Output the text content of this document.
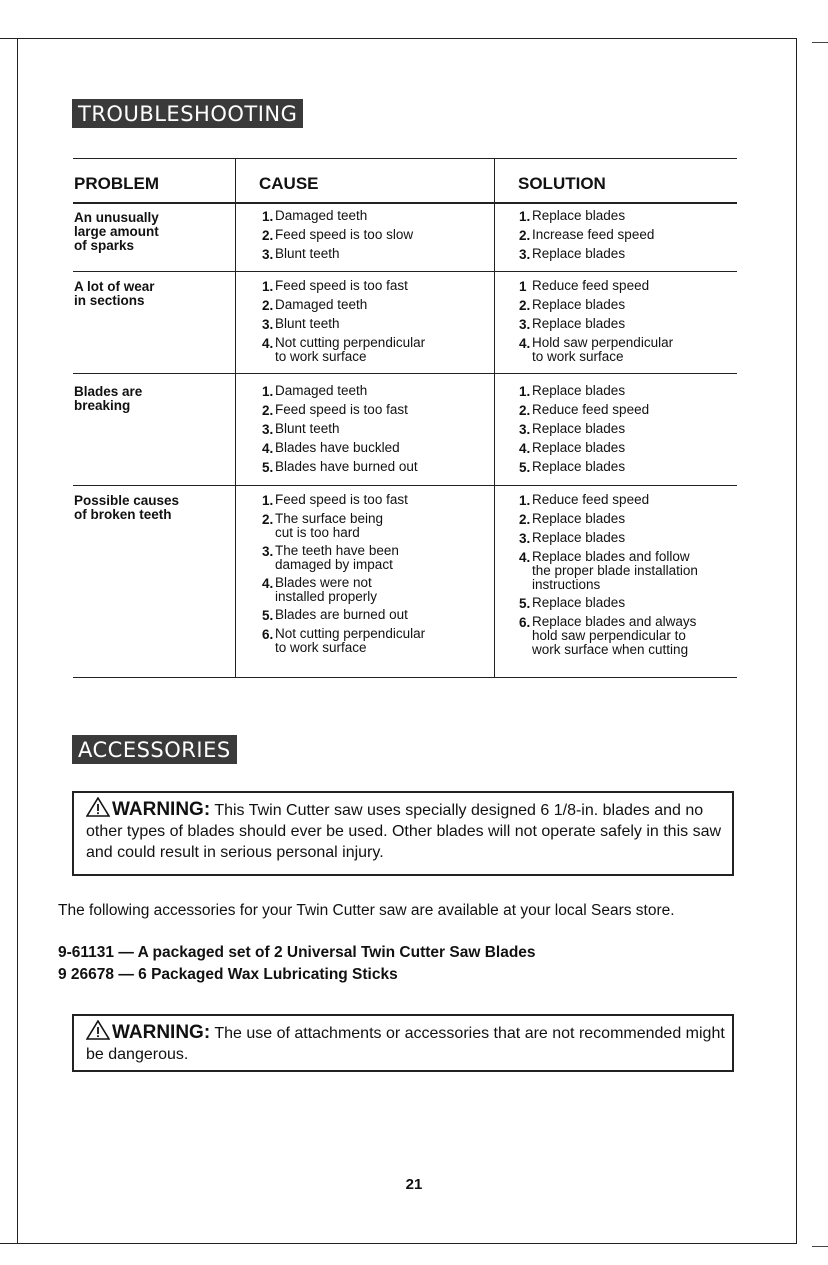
TROUBLESHOOTING
PROBLEM	CAUSE	SOLUTION
An unusually
large amount
of sparks
1. Damaged teeth
2. Feed speed is too slow
3. Blunt teeth
1. Replace blades
2. Increase feed speed
3. Replace blades
A lot of wear
in sections
1. Feed speed is too fast
2. Damaged teeth
3. Blunt teeth
4. Not cutting perpendicular
to work surface
1 Reduce feed speed
2. Replace blades
3. Replace blades
4. Hold saw perpendicular
to work surface
Blades are
breaking
1. Damaged teeth
2. Feed speed is too fast
3. Blunt teeth
4. Blades have buckled
5. Blades have burned out
1. Replace blades
2. Reduce feed speed
3. Replace blades
4. Replace blades
5. Replace blades
Possible causes
of broken teeth
1. Feed speed is too fast
2. The surface being
cut is too hard
3. The teeth have been
damaged by impact
4. Blades were not
installed properly
5. Blades are burned out
6. Not cutting perpendicular
to work surface
1. Reduce feed speed
2. Replace blades
3. Replace blades
4. Replace blades and follow
the proper blade installation
instructions
5. Replace blades
6. Replace blades and always
hold saw perpendicular to
work surface when cutting
ACCESSORIES
WARNING: This Twin Cutter saw uses specially designed 6 1/8-in. blades and no other types of blades should ever be used. Other blades will not operate safely in this saw and could result in serious personal injury.
The following accessories for your Twin Cutter saw are available at your local Sears store.
9-61131 — A packaged set of 2 Universal Twin Cutter Saw Blades
9 26678 — 6 Packaged Wax Lubricating Sticks
WARNING: The use of attachments or accessories that are not recommended might be dangerous.
21
